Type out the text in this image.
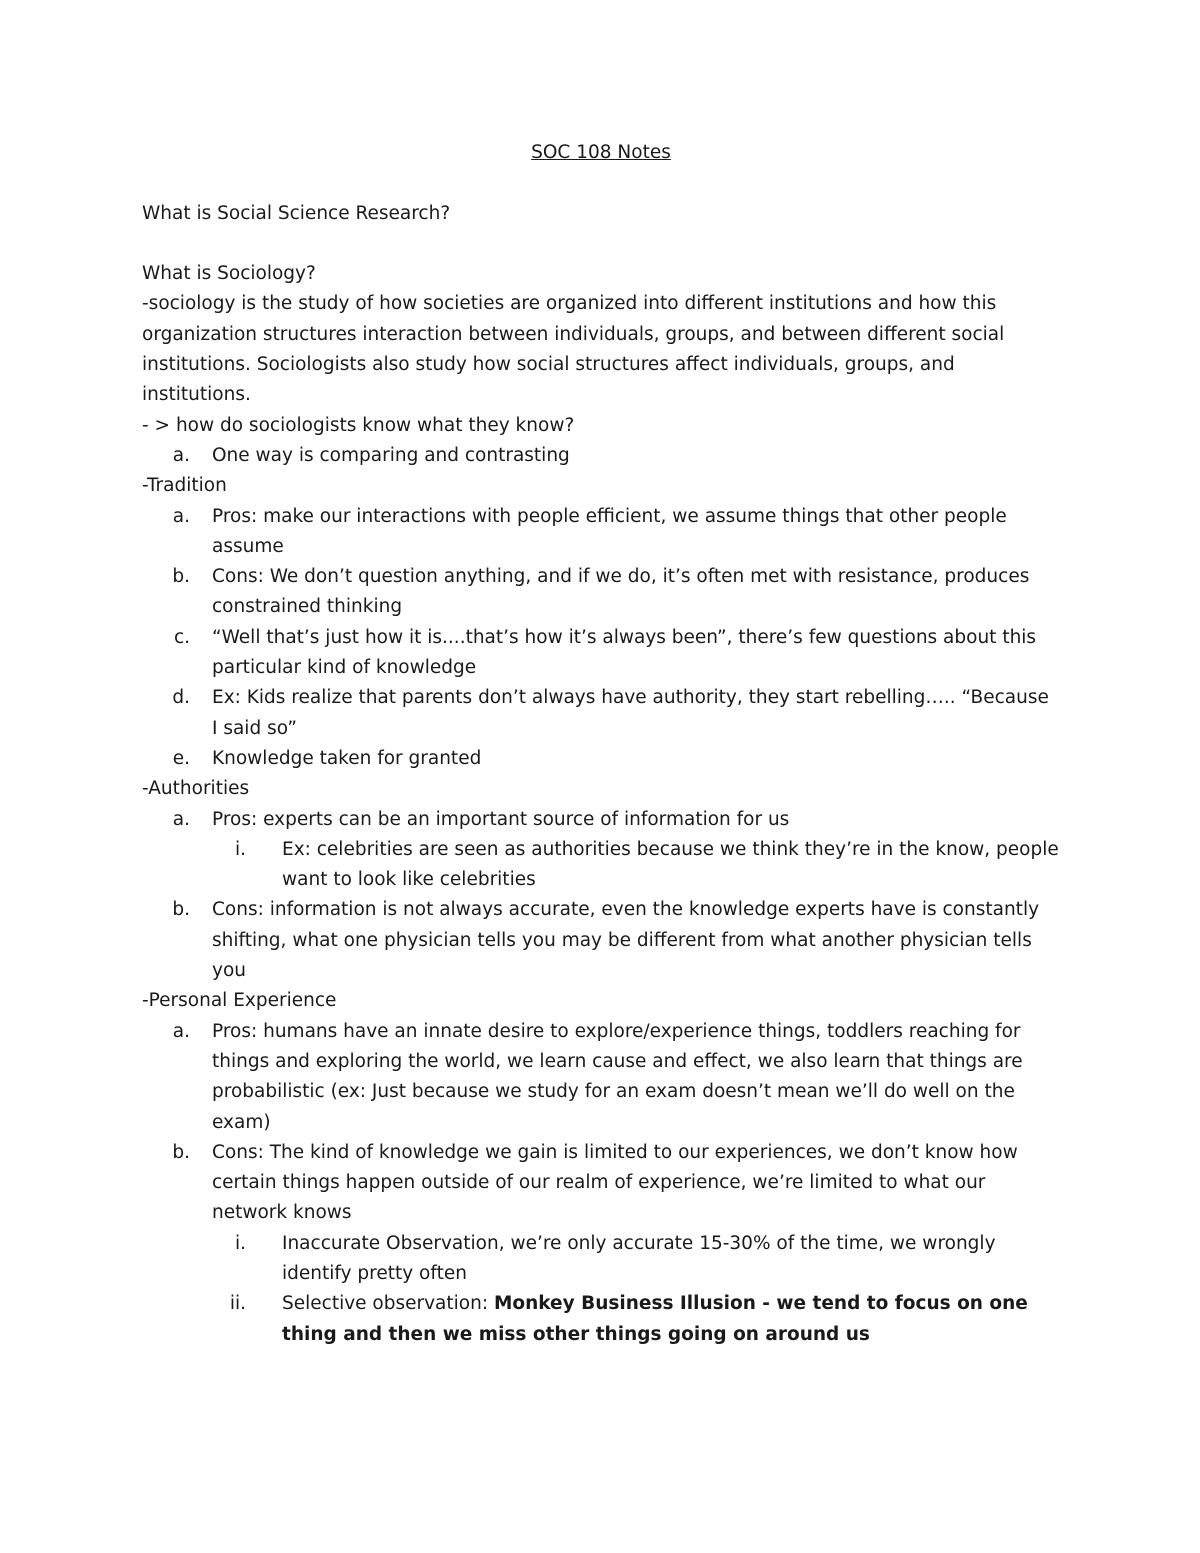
SOC 108 Notes

What is Social Science Research?

What is Sociology?

-sociology is the study of how societies are organized into different institutions and how this organization structures interaction between individuals, groups, and between different social institutions. Sociologists also study how social structures affect individuals, groups, and institutions.

- > how do sociologists know what they know?

a.	One way is comparing and contrasting

-Tradition

a.	Pros: make our interactions with people efficient, we assume things that other people assume
b.	Cons: We don’t question anything, and if we do, it’s often met with resistance, produces constrained thinking
c.	“Well that’s just how it is....that’s how it’s always been”, there’s few questions about this particular kind of knowledge
d.	Ex: Kids realize that parents don’t always have authority, they start rebelling….. “Because I said so”
e.	Knowledge taken for granted

-Authorities

a.	Pros: experts can be an important source of information for us
i.	Ex: celebrities are seen as authorities because we think they’re in the know, people want to look like celebrities
b.	Cons: information is not always accurate, even the knowledge experts have is constantly shifting, what one physician tells you may be different from what another physician tells you

-Personal Experience

a.	Pros: humans have an innate desire to explore/experience things, toddlers reaching for things and exploring the world, we learn cause and effect, we also learn that things are probabilistic (ex: Just because we study for an exam doesn’t mean we’ll do well on the exam)
b.	Cons: The kind of knowledge we gain is limited to our experiences, we don’t know how certain things happen outside of our realm of experience, we’re limited to what our network knows
i.	Inaccurate Observation, we’re only accurate 15-30% of the time, we wrongly identify pretty often
ii.	Selective observation: Monkey Business Illusion - we tend to focus on one thing and then we miss other things going on around us
